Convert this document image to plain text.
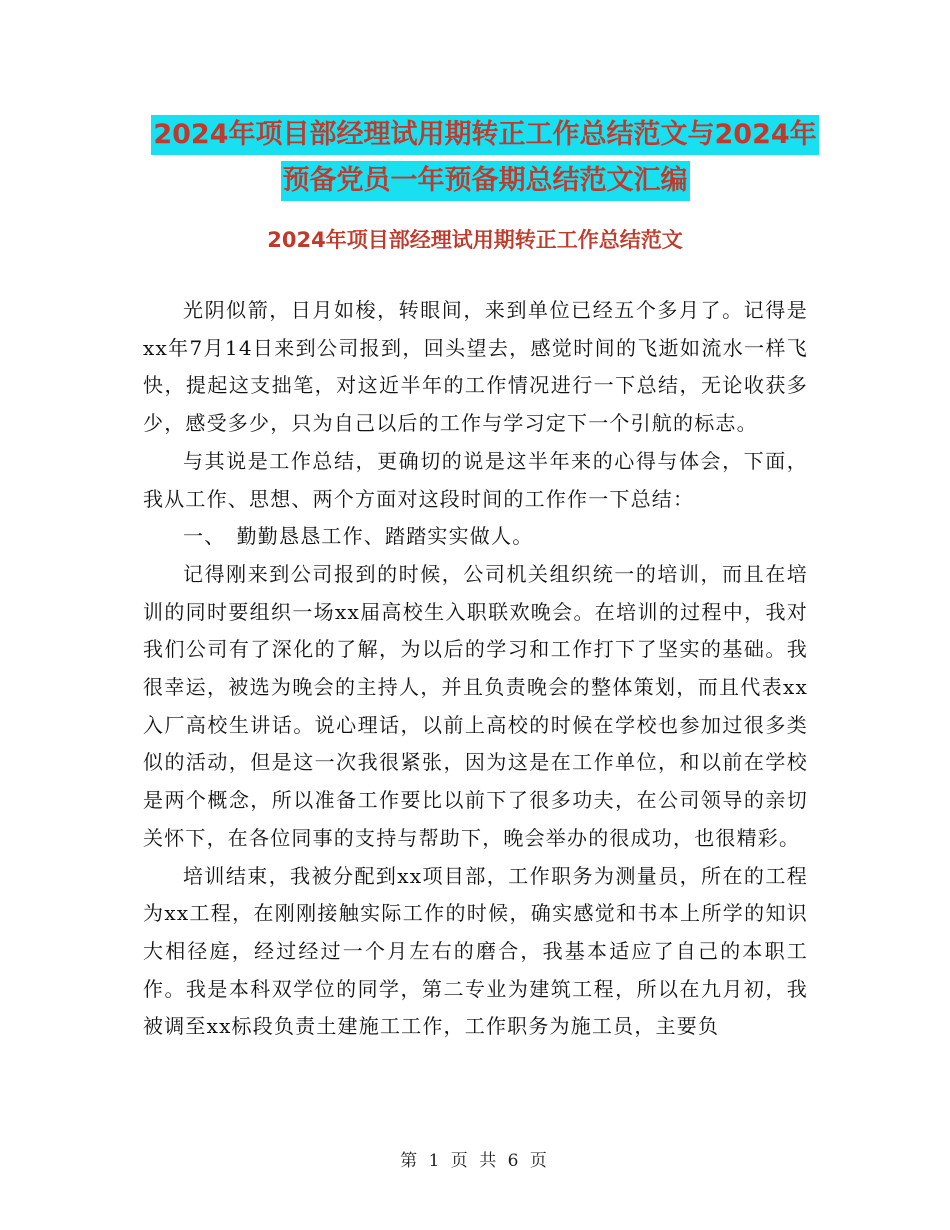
2024年项目部经理试用期转正工作总结范文与2024年
预备党员一年预备期总结范文汇编
2024年项目部经理试用期转正工作总结范文

光阴似箭，日月如梭，转眼间，来到单位已经五个多月了。记得是xx年7月14日来到公司报到，回头望去，感觉时间的飞逝如流水一样飞快，提起这支拙笔，对这近半年的工作情况进行一下总结，无论收获多少，感受多少，只为自己以后的工作与学习定下一个引航的标志。

与其说是工作总结，更确切的说是这半年来的心得与体会，下面，我从工作、思想、两个方面对这段时间的工作作一下总结：

一、　勤勤恳恳工作、踏踏实实做人。

记得刚来到公司报到的时候，公司机关组织统一的培训，而且在培训的同时要组织一场xx届高校生入职联欢晚会。在培训的过程中，我对我们公司有了深化的了解，为以后的学习和工作打下了坚实的基础。我很幸运，被选为晚会的主持人，并且负责晚会的整体策划，而且代表xx入厂高校生讲话。说心理话，以前上高校的时候在学校也参加过很多类似的活动，但是这一次我很紧张，因为这是在工作单位，和以前在学校是两个概念，所以准备工作要比以前下了很多功夫，在公司领导的亲切关怀下，在各位同事的支持与帮助下，晚会举办的很成功，也很精彩。

培训结束，我被分配到xx项目部，工作职务为测量员，所在的工程为xx工程，在刚刚接触实际工作的时候，确实感觉和书本上所学的知识大相径庭，经过经过一个月左右的磨合，我基本适应了自己的本职工作。我是本科双学位的同学，第二专业为建筑工程，所以在九月初，我被调至xx标段负责土建施工工作，工作职务为施工员，主要负

第 1 页 共 6 页
